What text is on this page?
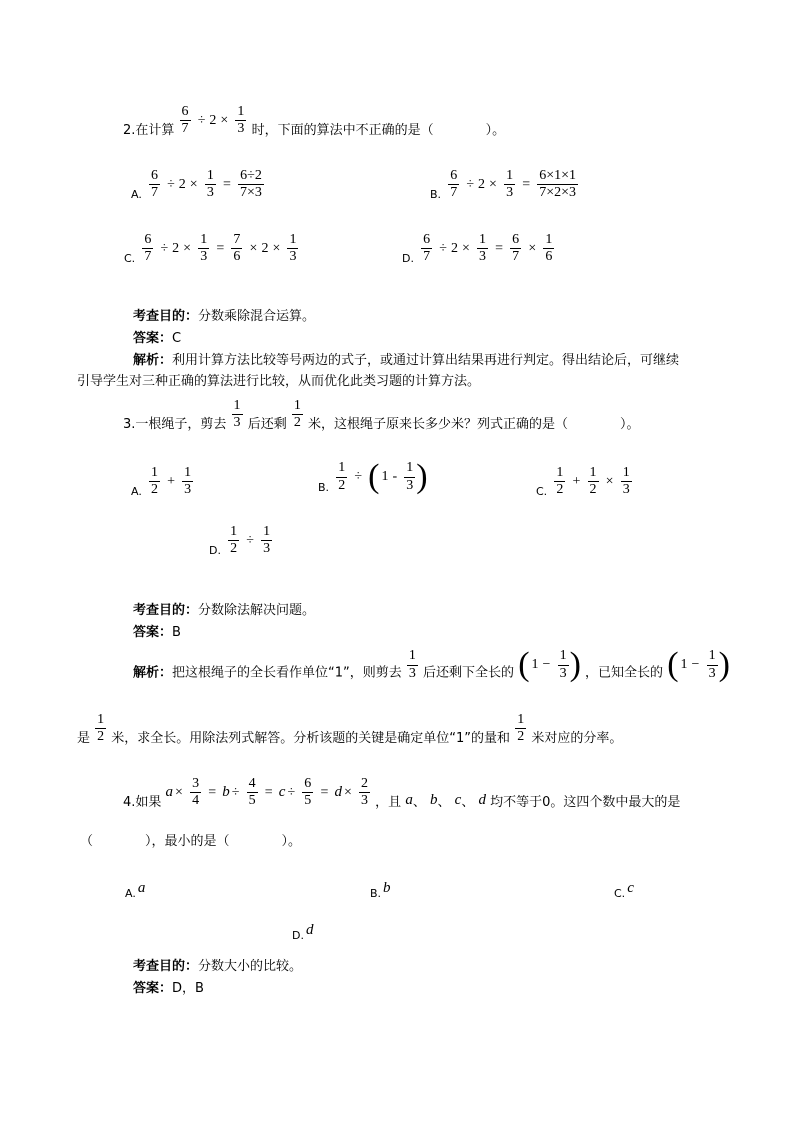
2.在计算 $\frac{6}{7} \div 2 \times \frac{1}{3}$ 时，下面的算法中不正确的是（　　　　）。
A. $\frac{6}{7} \div 2 \times \frac{1}{3} = \frac{6\div 2}{7\times 3}$	B. $\frac{6}{7} \div 2 \times \frac{1}{3} = \frac{6\times 1\times 1}{7\times 2\times 3}$
C. $\frac{6}{7} \div 2 \times \frac{1}{3} = \frac{7}{6} \times 2 \times \frac{1}{3}$	D. $\frac{6}{7} \div 2 \times \frac{1}{3} = \frac{6}{7} \times \frac{1}{6}$
考查目的：分数乘除混合运算。
答案：C
解析：利用计算方法比较等号两边的式子，或通过计算出结果再进行判定。得出结论后，可继续
引导学生对三种正确的算法进行比较，从而优化此类习题的计算方法。
3.一根绳子，剪去 $\frac{1}{3}$ 后还剩 $\frac{1}{2}$ 米，这根绳子原来长多少米？列式正确的是（　　　　）。
A. $\frac{1}{2} + \frac{1}{3}$	B. $\frac{1}{2}$ ÷ ( $1 - \frac{1}{3}$ )	C. $\frac{1}{2} + \frac{1}{2} \times \frac{1}{3}$
D. $\frac{1}{2} \div \frac{1}{3}$
考查目的：分数除法解决问题。
答案：B
解析：把这根绳子的全长看作单位“1”，则剪去 $\frac{1}{3}$ 后还剩下全长的 ( $1 - \frac{1}{3}$ ) ，已知全长的 ( $1 - \frac{1}{3}$ )
是 $\frac{1}{2}$ 米，求全长。用除法列式解答。分析该题的关键是确定单位“1”的量和 $\frac{1}{2}$ 米对应的分率。
4.如果 $a \times \frac{3}{4} = b \div \frac{4}{5} = c \div \frac{6}{5} = d \times \frac{2}{3}$ ，且 a、 b、 c、 d 均不等于0。这四个数中最大的是
（　　　　），最小的是（　　　　）。
A. a	B. b	C. c
D. d
考查目的：分数大小的比较。
答案：D，B
